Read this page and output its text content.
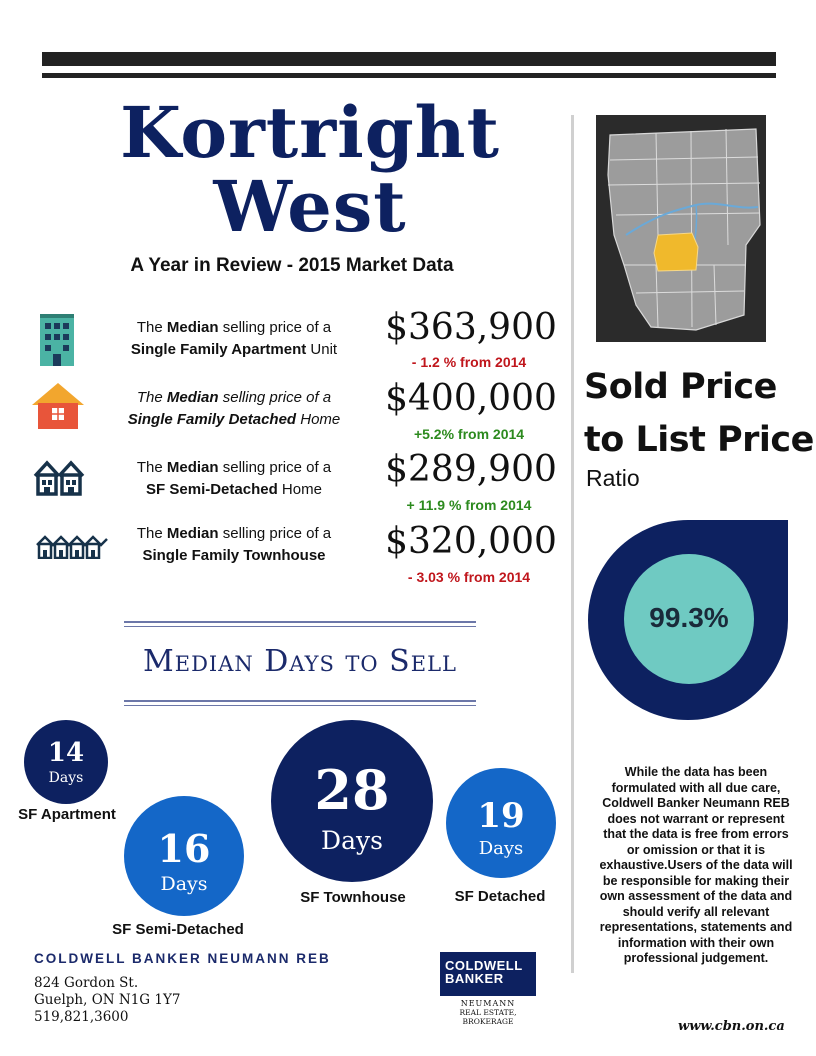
Kortright
West
A Year in Review - 2015 Market Data
The Median selling price of a
Single Family Apartment Unit
$363,900
- 1.2 % from 2014
The Median selling price of a
Single Family Detached Home
$400,000
+5.2% from 2014
The Median selling price of a
SF Semi-Detached Home	$289,900
+ 11.9 % from 2014
The Median selling price of a
Single Family Townhouse	$320,000
- 3.03 % from 2014
Median Days to Sell
14
Days
SF Apartment
16
Days
SF Semi-Detached
28
Days
SF Townhouse
19
Days
SF Detached
Sold Price
to List Price
Ratio
99.3%
While the data has been formulated with all due care, Coldwell Banker Neumann REB does not warrant or represent that the data is free from errors or omission or that it is exhaustive.Users of the data will be responsible for making their own assessment of the data and should verify all relevant representations, statements and information with their own professional judgement.
COLDWELL BANKER NEUMANN REB
824 Gordon St.
Guelph, ON N1G 1Y7
519,821,3600
COLDWELL
BANKER
NEUMANN
REAL ESTATE, BROKERAGE	www.cbn.on.ca
